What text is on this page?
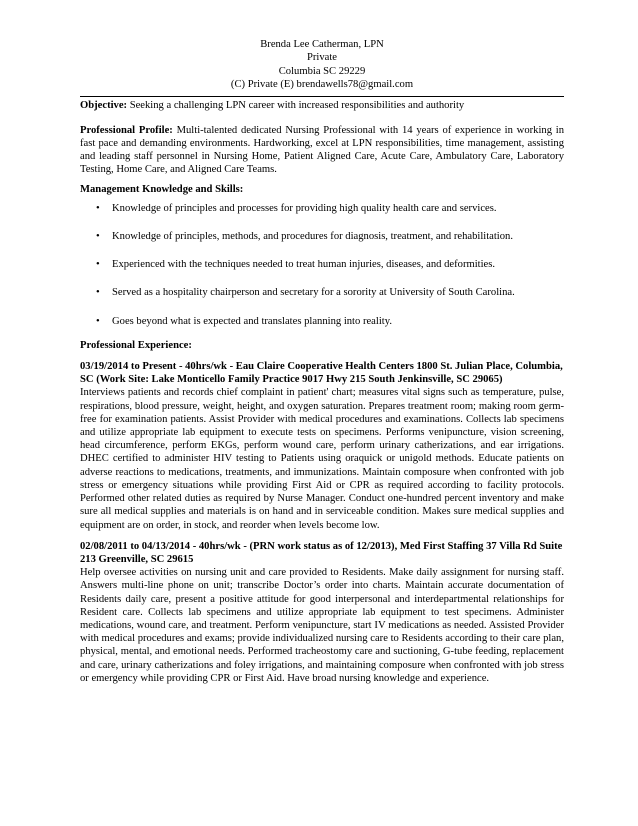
Brenda Lee Catherman, LPN
Private
Columbia SC 29229
(C) Private (E) brendawells78@gmail.com
Objective: Seeking a challenging LPN career with increased responsibilities and authority
Professional Profile: Multi-talented dedicated Nursing Professional with 14 years of experience in working in fast pace and demanding environments. Hardworking, excel at LPN responsibilities, time management, assisting and leading staff personnel in Nursing Home, Patient Aligned Care, Acute Care, Ambulatory Care, Laboratory Testing, Home Care, and Aligned Care Teams.
Management Knowledge and Skills:
• Knowledge of principles and processes for providing high quality health care and services.
• Knowledge of principles, methods, and procedures for diagnosis, treatment, and rehabilitation.
• Experienced with the techniques needed to treat human injuries, diseases, and deformities.
• Served as a hospitality chairperson and secretary for a sorority at University of South Carolina.
• Goes beyond what is expected and translates planning into reality.
Professional Experience:
03/19/2014 to Present - 40hrs/wk - Eau Claire Cooperative Health Centers 1800 St. Julian Place, Columbia, SC (Work Site: Lake Monticello Family Practice 9017 Hwy 215 South Jenkinsville, SC 29065)
Interviews patients and records chief complaint in patient' chart; measures vital signs such as temperature, pulse, respirations, blood pressure, weight, height, and oxygen saturation. Prepares treatment room; making room germ-free for examination patients. Assist Provider with medical procedures and examinations. Collects lab specimens and utilize appropriate lab equipment to execute tests on specimens. Performs venipuncture, vision screening, head circumference, perform EKGs, perform wound care, perform urinary catherizations, and ear irrigations. DHEC certified to administer HIV testing to Patients using oraquick or unigold methods. Educate patients on adverse reactions to medications, treatments, and immunizations. Maintain composure when confronted with job stress or emergency situations while providing First Aid or CPR as required according to facility protocols. Performed other related duties as required by Nurse Manager. Conduct one-hundred percent inventory and make sure all medical supplies and materials is on hand and in serviceable condition. Makes sure medical supplies and equipment are on order, in stock, and reorder when levels become low.
02/08/2011 to 04/13/2014 - 40hrs/wk - (PRN work status as of 12/2013), Med First Staffing 37 Villa Rd Suite 213 Greenville, SC 29615
Help oversee activities on nursing unit and care provided to Residents. Make daily assignment for nursing staff. Answers multi-line phone on unit; transcribe Doctor’s order into charts. Maintain accurate documentation of Residents daily care, present a positive attitude for good interpersonal and interdepartmental relationships for Resident care. Collects lab specimens and utilize appropriate lab equipment to test specimens. Administer medications, wound care, and treatment. Perform venipuncture, start IV medications as needed. Assisted Provider with medical procedures and exams; provide individualized nursing care to Residents according to their care plan, physical, mental, and emotional needs. Performed tracheostomy care and suctioning, G-tube feeding, replacement and care, urinary catherizations and foley irrigations, and maintaining composure when confronted with job stress or emergency while providing CPR or First Aid. Have broad nursing knowledge and experience.
